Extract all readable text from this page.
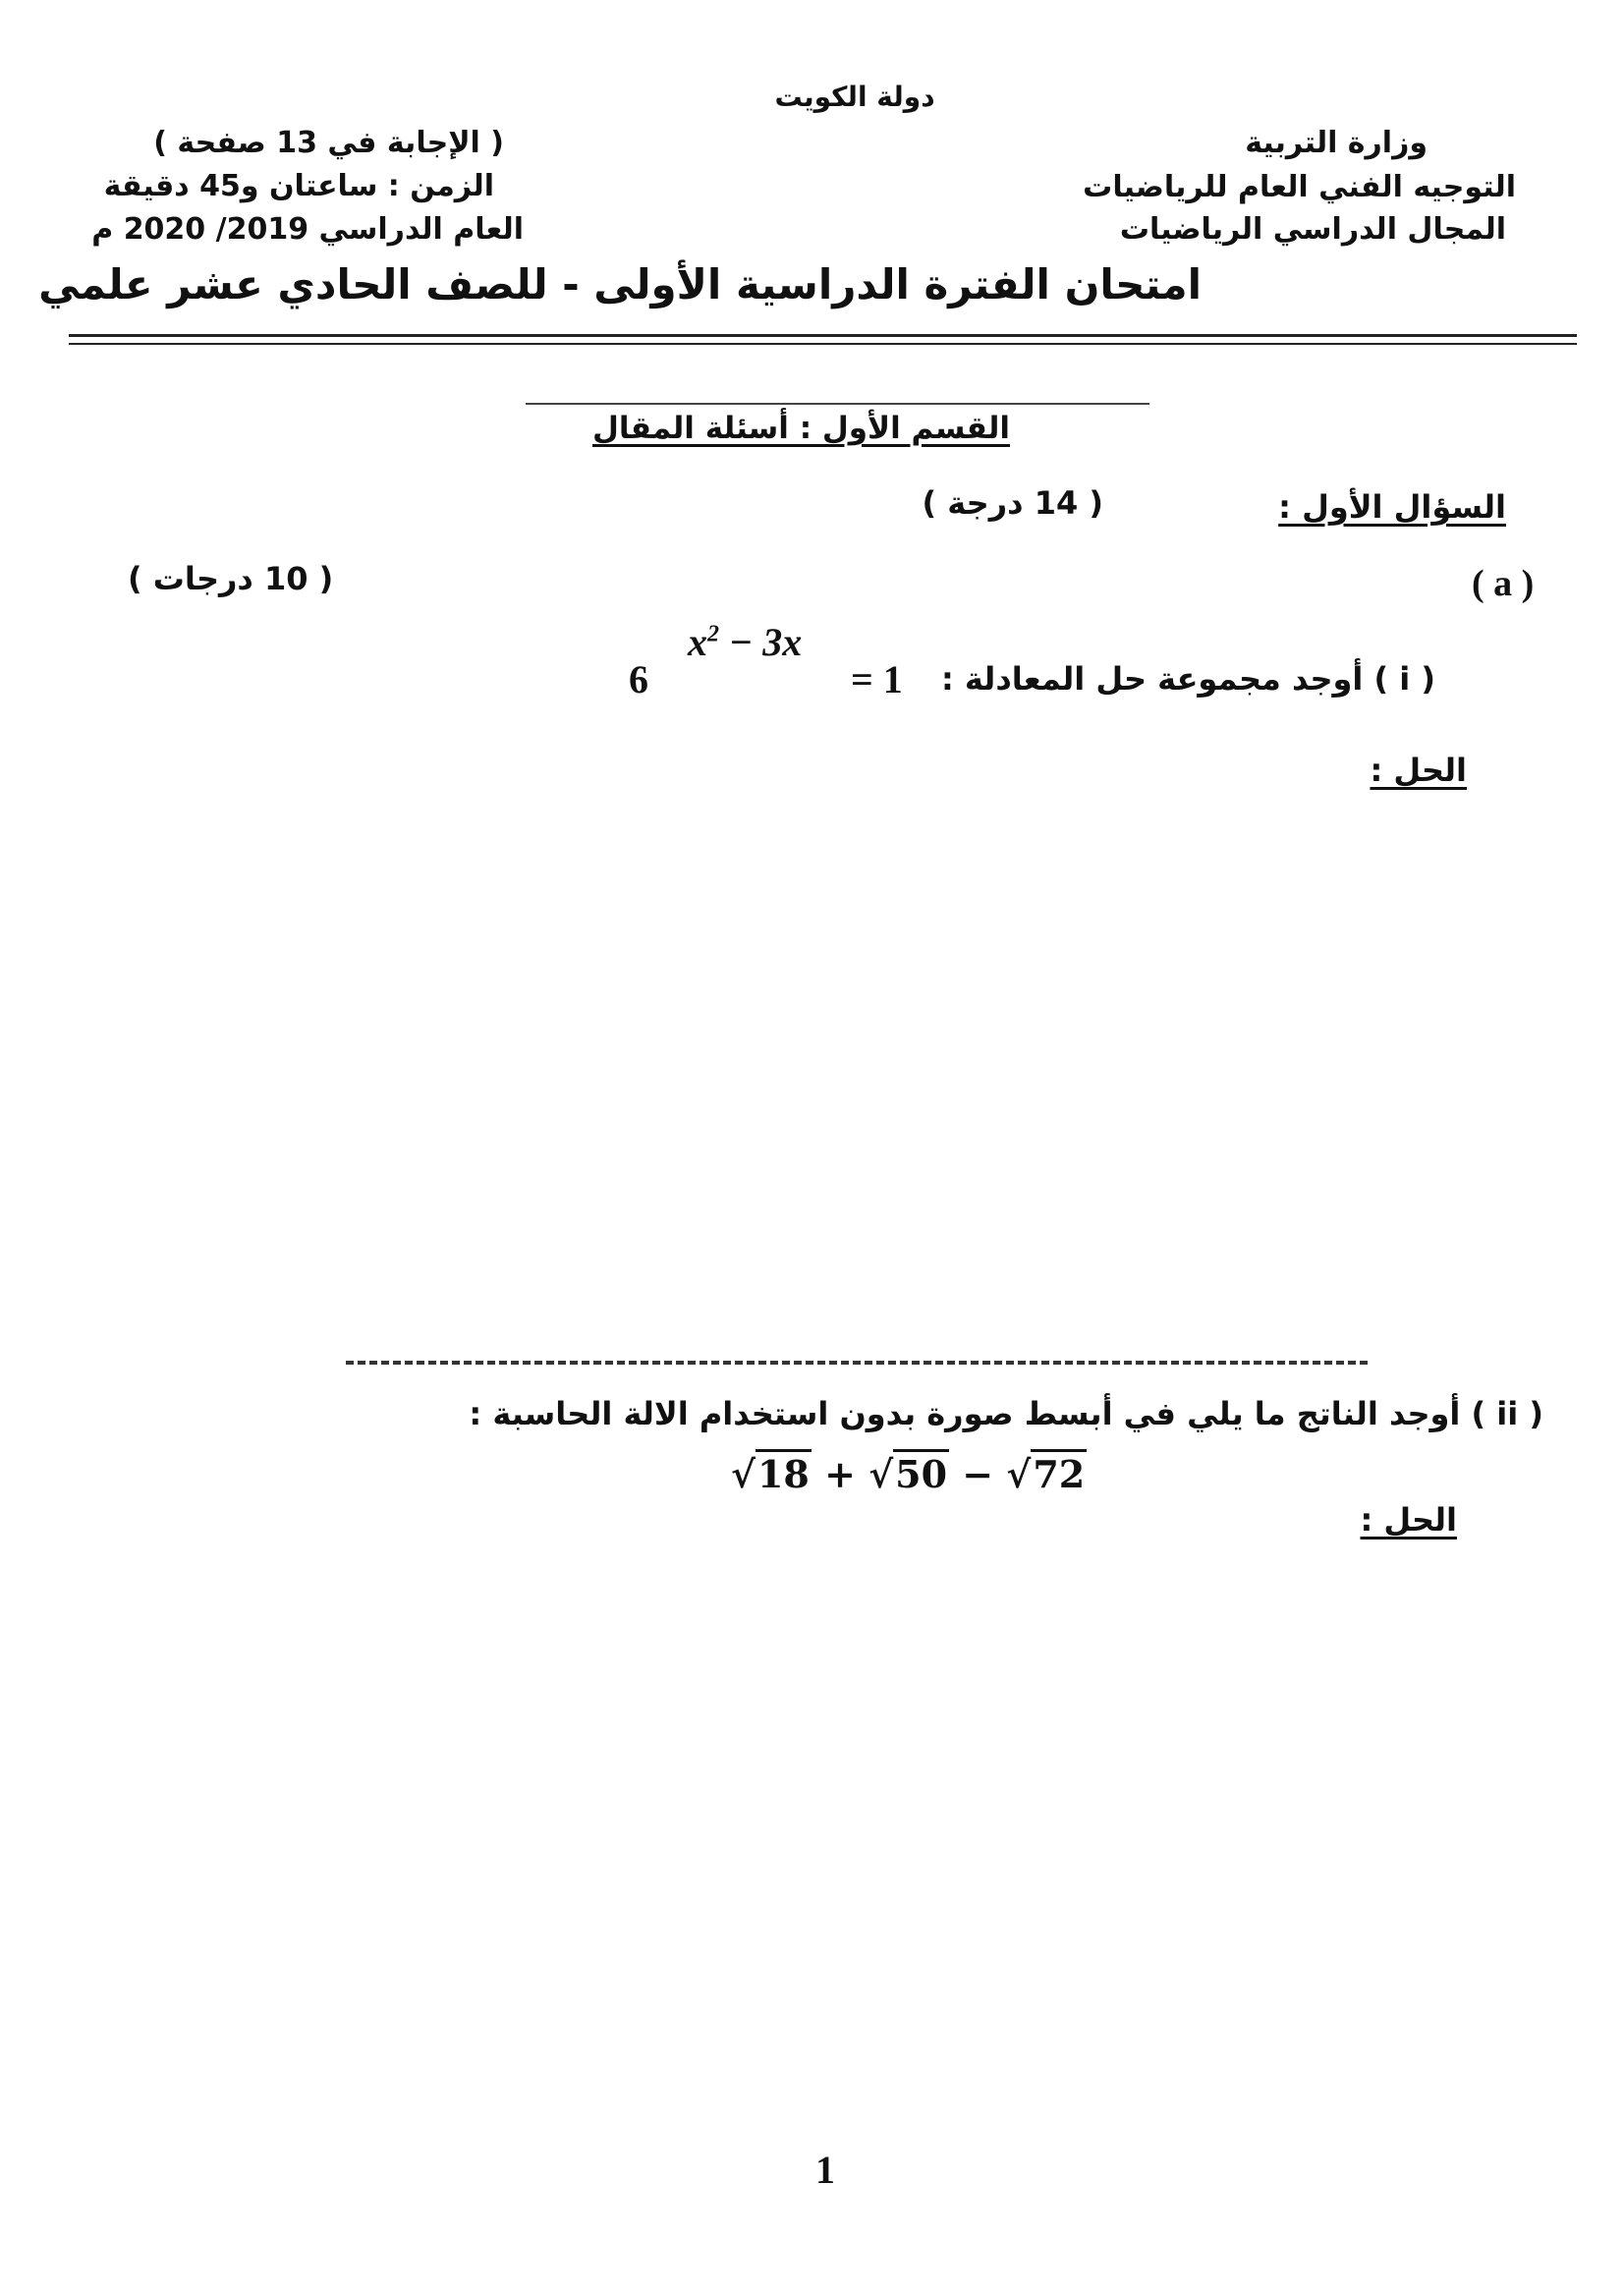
دولة الكويت
وزارة التربية
التوجيه الفني العام للرياضيات
المجال الدراسي الرياضيات
( الإجابة في 13 صفحة )
الزمن : ساعتان و45 دقيقة
العام الدراسي 2019/ 2020 م
امتحان الفترة الدراسية الأولى - للصف الحادي عشر علمي
القسم الأول : أسئلة المقال
السؤال الأول :
( 14 درجة )
( a )
( 10 درجات )
( i ) أوجد مجموعة حل المعادلة :
6
$x^2 - 3x$
= 1
الحل :
( ii ) أوجد الناتج ما يلي في أبسط صورة بدون استخدام الالة الحاسبة :
√18 + √50 − √72
الحل :
1
